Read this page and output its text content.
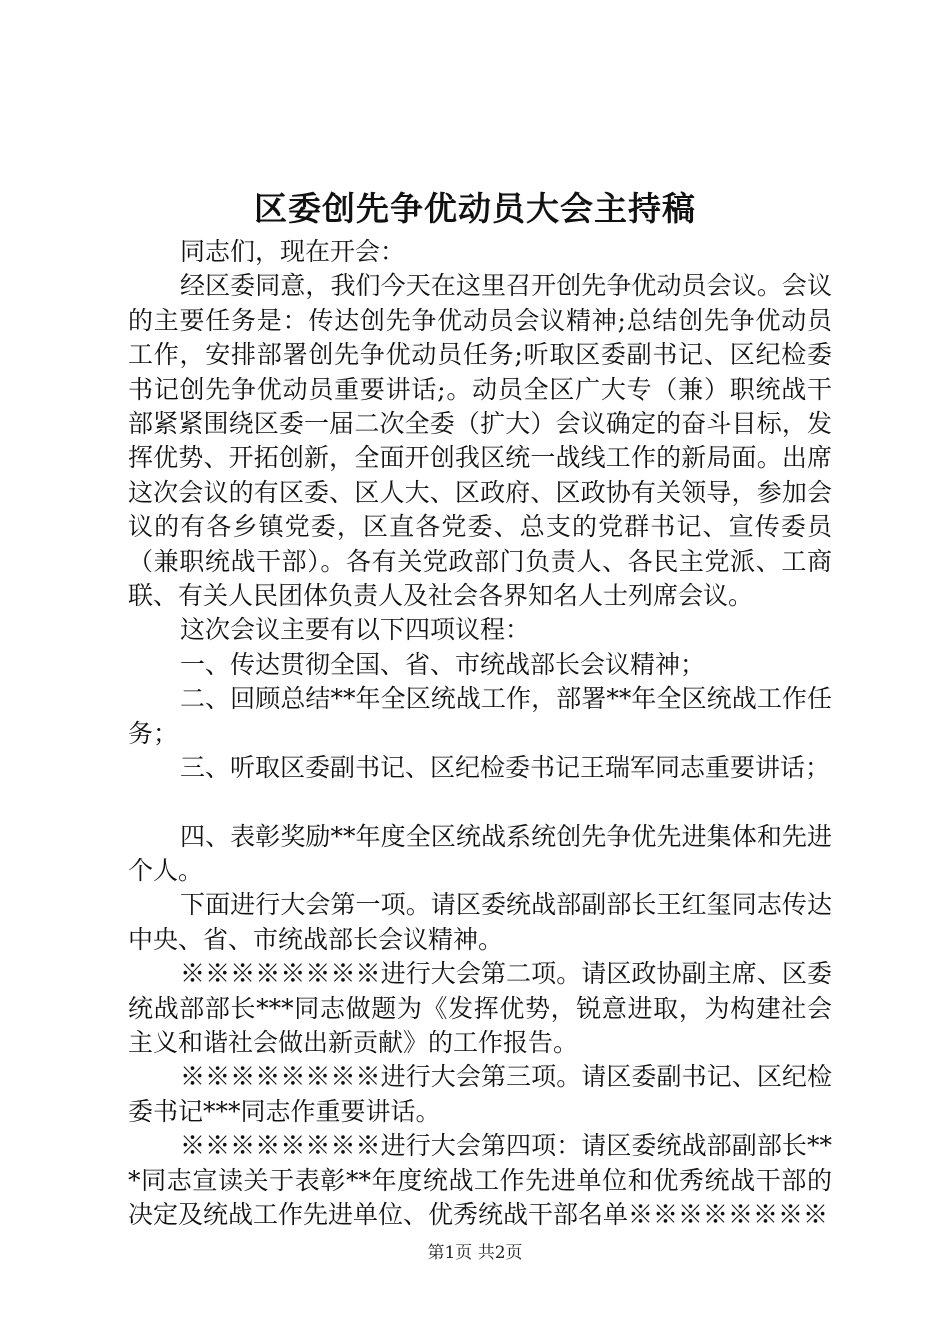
区委创先争优动员大会主持稿

同志们，现在开会：

经区委同意，我们今天在这里召开创先争优动员会议。会议的主要任务是：传达创先争优动员会议精神;总结创先争优动员工作，安排部署创先争优动员任务;听取区委副书记、区纪检委书记创先争优动员重要讲话;。动员全区广大专（兼）职统战干部紧紧围绕区委一届二次全委（扩大）会议确定的奋斗目标，发挥优势、开拓创新，全面开创我区统一战线工作的新局面。出席这次会议的有区委、区人大、区政府、区政协有关领导，参加会议的有各乡镇党委，区直各党委、总支的党群书记、宣传委员（兼职统战干部）。各有关党政部门负责人、各民主党派、工商联、有关人民团体负责人及社会各界知名人士列席会议。

这次会议主要有以下四项议程：

一、传达贯彻全国、省、市统战部长会议精神；

二、回顾总结**年全区统战工作，部署**年全区统战工作任务；

三、听取区委副书记、区纪检委书记王瑞军同志重要讲话；

四、表彰奖励**年度全区统战系统创先争优先进集体和先进个人。

下面进行大会第一项。请区委统战部副部长王红玺同志传达中央、省、市统战部长会议精神。

※※※※※※※※进行大会第二项。请区政协副主席、区委统战部部长***同志做题为《发挥优势，锐意进取，为构建社会主义和谐社会做出新贡献》的工作报告。

※※※※※※※※进行大会第三项。请区委副书记、区纪检委书记***同志作重要讲话。

※※※※※※※※进行大会第四项：请区委统战部副部长***同志宣读关于表彰**年度统战工作先进单位和优秀统战干部的决定及统战工作先进单位、优秀统战干部名单※※※※※※※※

第1页 共2页
